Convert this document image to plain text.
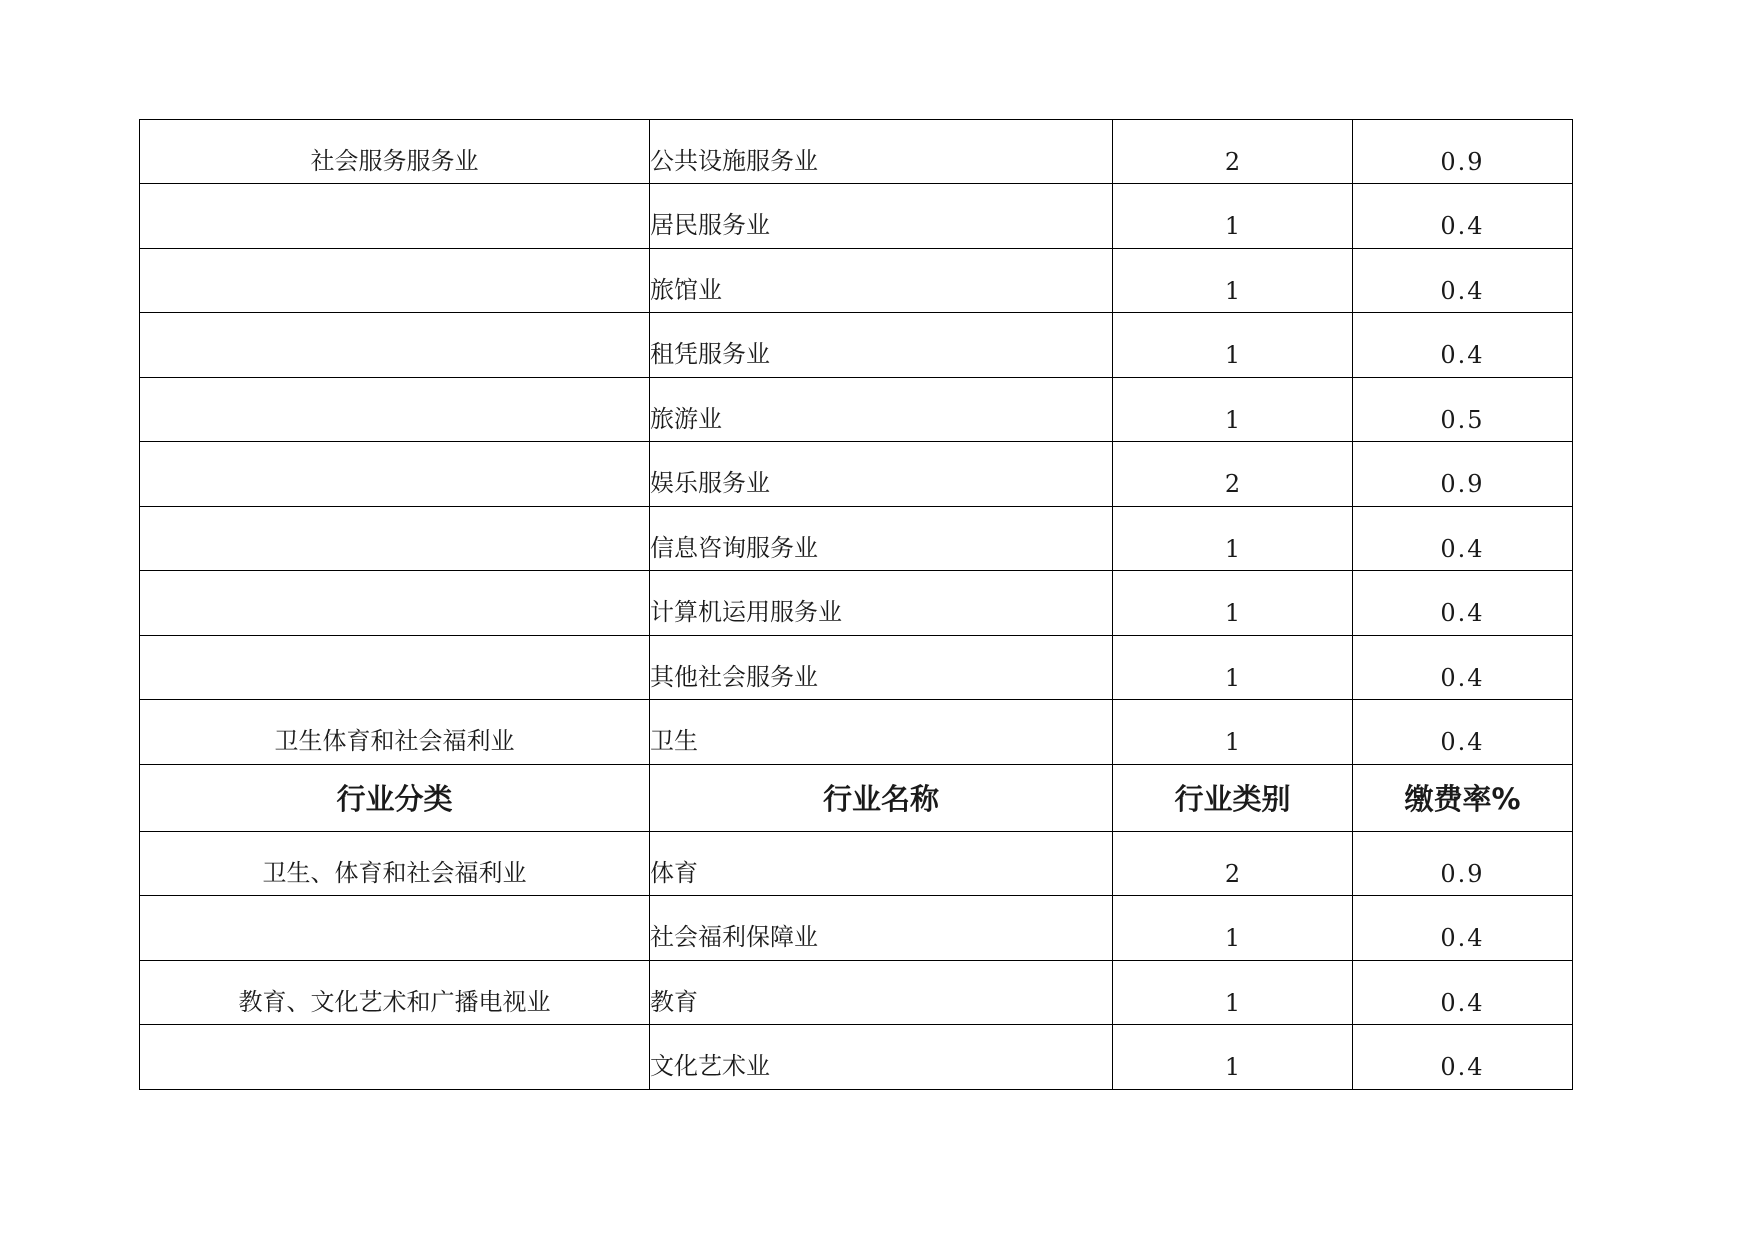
社会服务服务业	公共设施服务业	2	0.9
	居民服务业	1	0.4
	旅馆业	1	0.4
	租凭服务业	1	0.4
	旅游业	1	0.5
	娱乐服务业	2	0.9
	信息咨询服务业	1	0.4
	计算机运用服务业	1	0.4
	其他社会服务业	1	0.4
卫生体育和社会福利业	卫生	1	0.4
行业分类	行业名称	行业类别	缴费率%
卫生、体育和社会福利业	体育	2	0.9
	社会福利保障业	1	0.4
教育、文化艺术和广播电视业	教育	1	0.4
	文化艺术业	1	0.4
